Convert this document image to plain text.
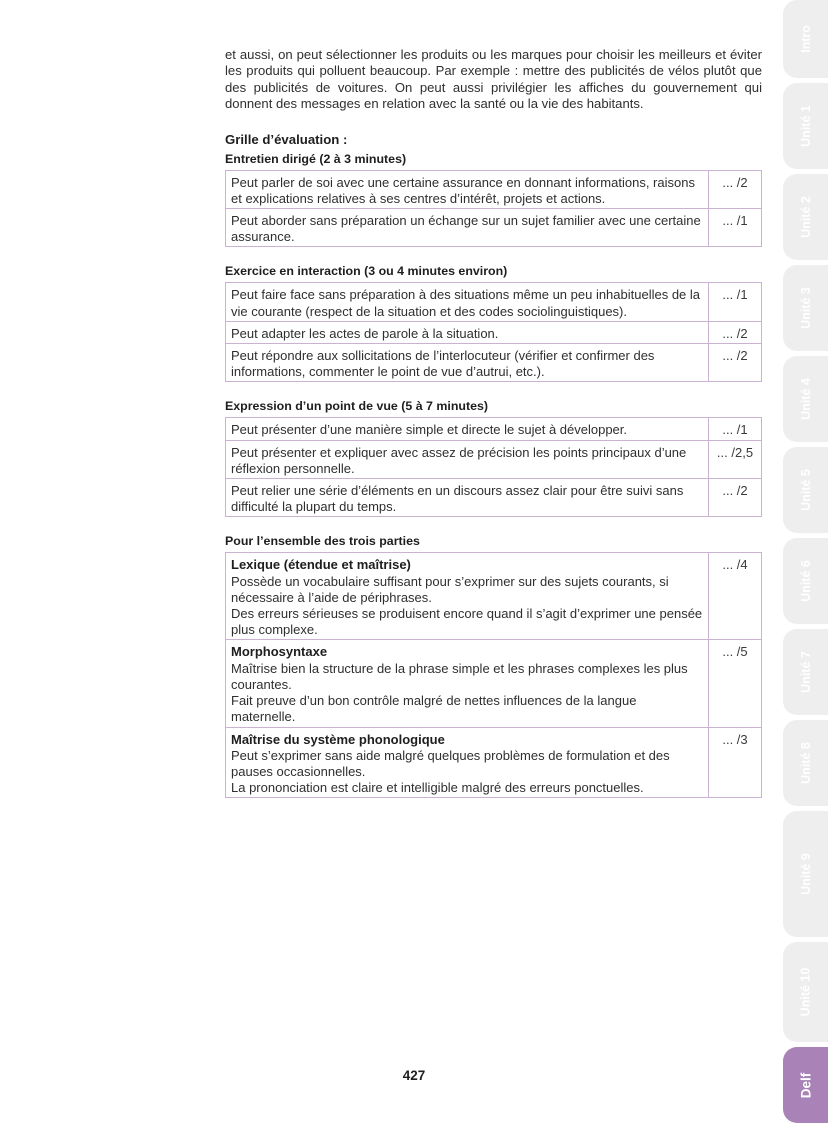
et aussi, on peut sélectionner les produits ou les marques pour choisir les meilleurs et éviter les produits qui polluent beaucoup. Par exemple : mettre des publicités de vélos plutôt que des publicités de voitures. On peut aussi privilégier les affiches du gouvernement qui donnent des messages en relation avec la santé ou la vie des habitants.

Grille d’évaluation :
Entretien dirigé (2 à 3 minutes)
Peut parler de soi avec une certaine assurance en donnant informations, raisons et explications relatives à ses centres d’intérêt, projets et actions.	... /2
Peut aborder sans préparation un échange sur un sujet familier avec une certaine assurance.	... /1
Exercice en interaction (3 ou 4 minutes environ)
Peut faire face sans préparation à des situations même un peu inhabituelles de la vie courante (respect de la situation et des codes sociolinguistiques).	... /1
Peut adapter les actes de parole à la situation.	... /2
Peut répondre aux sollicitations de l’interlocuteur (vérifier et confirmer des informations, commenter le point de vue d’autrui, etc.).	... /2
Expression d’un point de vue (5 à 7 minutes)
Peut présenter d’une manière simple et directe le sujet à développer.	... /1
Peut présenter et expliquer avec assez de précision les points principaux d’une réflexion personnelle.	... /2,5
Peut relier une série d’éléments en un discours assez clair pour être suivi sans difficulté la plupart du temps.	... /2
Pour l’ensemble des trois parties
Lexique (étendue et maîtrise)
Possède un vocabulaire suffisant pour s’exprimer sur des sujets courants, si nécessaire à l’aide de périphrases.
Des erreurs sérieuses se produisent encore quand il s’agit d’exprimer une pensée plus complexe.	... /4

Morphosyntaxe
Maîtrise bien la structure de la phrase simple et les phrases complexes les plus courantes.
Fait preuve d’un bon contrôle malgré de nettes influences de la langue maternelle.	... /5

Maîtrise du système phonologique
Peut s’exprimer sans aide malgré quelques problèmes de formulation et des pauses occasionnelles.
La prononciation est claire et intelligible malgré des erreurs ponctuelles.	... /3
427
Intro
Unité 1
Unité 2
Unité 3
Unité 4
Unité 5
Unité 6
Unité 7
Unité 8
Unité 9
Unité 10
Delf
